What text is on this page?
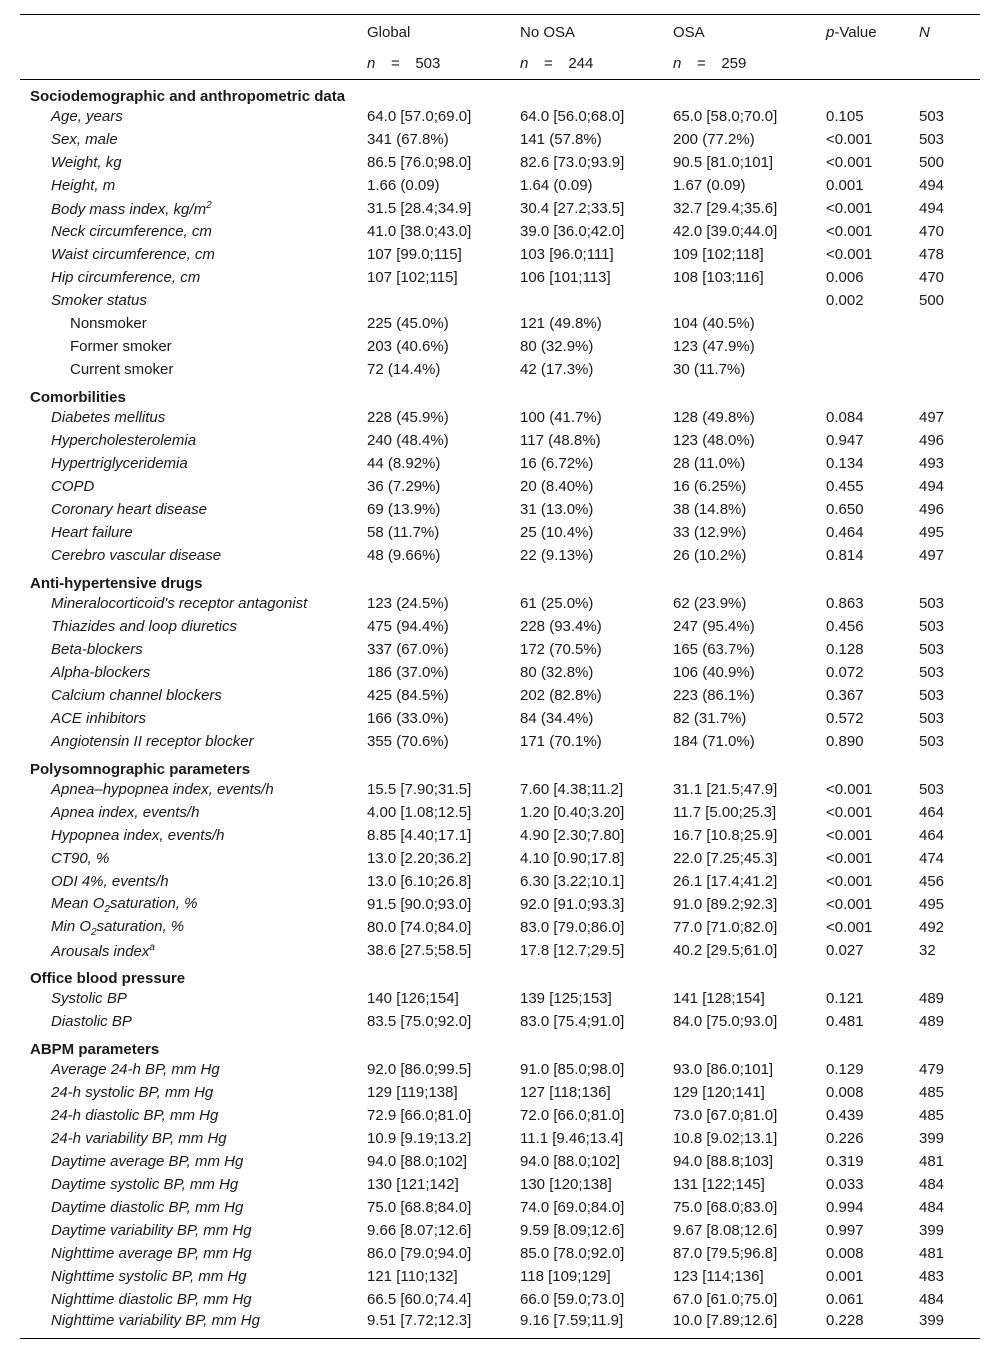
	Global	No OSA	OSA	p-Value	N
	n = 503	n = 244	n = 259		
Sociodemographic and anthropometric data					
Age, years	64.0 [57.0;69.0]	64.0 [56.0;68.0]	65.0 [58.0;70.0]	0.105	503
Sex, male	341 (67.8%)	141 (57.8%)	200 (77.2%)	<0.001	503
Weight, kg	86.5 [76.0;98.0]	82.6 [73.0;93.9]	90.5 [81.0;101]	<0.001	500
Height, m	1.66 (0.09)	1.64 (0.09)	1.67 (0.09)	0.001	494
Body mass index, $kg/m^2$	31.5 [28.4;34.9]	30.4 [27.2;33.5]	32.7 [29.4;35.6]	<0.001	494
Neck circumference, cm	41.0 [38.0;43.0]	39.0 [36.0;42.0]	42.0 [39.0;44.0]	<0.001	470
Waist circumference, cm	107 [99.0;115]	103 [96.0;111]	109 [102;118]	<0.001	478
Hip circumference, cm	107 [102;115]	106 [101;113]	108 [103;116]	0.006	470
Smoker status				0.002	500
Nonsmoker	225 (45.0%)	121 (49.8%)	104 (40.5%)		
Former smoker	203 (40.6%)	80 (32.9%)	123 (47.9%)		
Current smoker	72 (14.4%)	42 (17.3%)	30 (11.7%)		
Comorbilities					
Diabetes mellitus	228 (45.9%)	100 (41.7%)	128 (49.8%)	0.084	497
Hypercholesterolemia	240 (48.4%)	117 (48.8%)	123 (48.0%)	0.947	496
Hypertriglyceridemia	44 (8.92%)	16 (6.72%)	28 (11.0%)	0.134	493
COPD	36 (7.29%)	20 (8.40%)	16 (6.25%)	0.455	494
Coronary heart disease	69 (13.9%)	31 (13.0%)	38 (14.8%)	0.650	496
Heart failure	58 (11.7%)	25 (10.4%)	33 (12.9%)	0.464	495
Cerebro vascular disease	48 (9.66%)	22 (9.13%)	26 (10.2%)	0.814	497
Anti-hypertensive drugs					
Mineralocorticoid's receptor antagonist	123 (24.5%)	61 (25.0%)	62 (23.9%)	0.863	503
Thiazides and loop diuretics	475 (94.4%)	228 (93.4%)	247 (95.4%)	0.456	503
Beta-blockers	337 (67.0%)	172 (70.5%)	165 (63.7%)	0.128	503
Alpha-blockers	186 (37.0%)	80 (32.8%)	106 (40.9%)	0.072	503
Calcium channel blockers	425 (84.5%)	202 (82.8%)	223 (86.1%)	0.367	503
ACE inhibitors	166 (33.0%)	84 (34.4%)	82 (31.7%)	0.572	503
Angiotensin II receptor blocker	355 (70.6%)	171 (70.1%)	184 (71.0%)	0.890	503
Polysomnographic parameters					
Apnea–hypopnea index, events/h	15.5 [7.90;31.5]	7.60 [4.38;11.2]	31.1 [21.5;47.9]	<0.001	503
Apnea index, events/h	4.00 [1.08;12.5]	1.20 [0.40;3.20]	11.7 [5.00;25.3]	<0.001	464
Hypopnea index, events/h	8.85 [4.40;17.1]	4.90 [2.30;7.80]	16.7 [10.8;25.9]	<0.001	464
CT90, %	13.0 [2.20;36.2]	4.10 [0.90;17.8]	22.0 [7.25;45.3]	<0.001	474
ODI 4%, events/h	13.0 [6.10;26.8]	6.30 [3.22;10.1]	26.1 [17.4;41.2]	<0.001	456
Mean $O_2saturation$, %	91.5 [90.0;93.0]	92.0 [91.0;93.3]	91.0 [89.2;92.3]	<0.001	495
Min $O_2saturation$, %	80.0 [74.0;84.0]	83.0 [79.0;86.0]	77.0 [71.0;82.0]	<0.001	492
Arousals index$^a$	38.6 [27.5;58.5]	17.8 [12.7;29.5]	40.2 [29.5;61.0]	0.027	32
Office blood pressure					
Systolic BP	140 [126;154]	139 [125;153]	141 [128;154]	0.121	489
Diastolic BP	83.5 [75.0;92.0]	83.0 [75.4;91.0]	84.0 [75.0;93.0]	0.481	489
ABPM parameters					
Average 24-h BP, mm Hg	92.0 [86.0;99.5]	91.0 [85.0;98.0]	93.0 [86.0;101]	0.129	479
24-h systolic BP, mm Hg	129 [119;138]	127 [118;136]	129 [120;141]	0.008	485
24-h diastolic BP, mm Hg	72.9 [66.0;81.0]	72.0 [66.0;81.0]	73.0 [67.0;81.0]	0.439	485
24-h variability BP, mm Hg	10.9 [9.19;13.2]	11.1 [9.46;13.4]	10.8 [9.02;13.1]	0.226	399
Daytime average BP, mm Hg	94.0 [88.0;102]	94.0 [88.0;102]	94.0 [88.8;103]	0.319	481
Daytime systolic BP, mm Hg	130 [121;142]	130 [120;138]	131 [122;145]	0.033	484
Daytime diastolic BP, mm Hg	75.0 [68.8;84.0]	74.0 [69.0;84.0]	75.0 [68.0;83.0]	0.994	484
Daytime variability BP, mm Hg	9.66 [8.07;12.6]	9.59 [8.09;12.6]	9.67 [8.08;12.6]	0.997	399
Nighttime average BP, mm Hg	86.0 [79.0;94.0]	85.0 [78.0;92.0]	87.0 [79.5;96.8]	0.008	481
Nighttime systolic BP, mm Hg	121 [110;132]	118 [109;129]	123 [114;136]	0.001	483
Nighttime diastolic BP, mm Hg	66.5 [60.0;74.4]	66.0 [59.0;73.0]	67.0 [61.0;75.0]	0.061	484
Nighttime variability BP, mm Hg	9.51 [7.72;12.3]	9.16 [7.59;11.9]	10.0 [7.89;12.6]	0.228	399
